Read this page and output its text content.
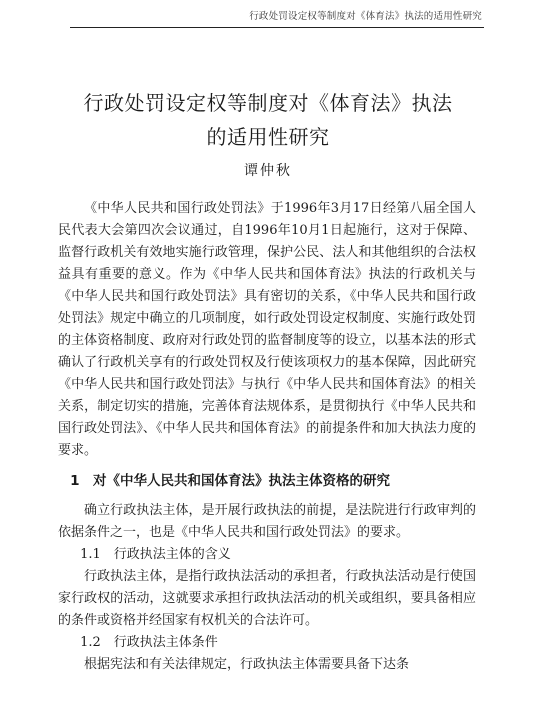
行政处罚设定权等制度对《体育法》执法的适用性研究
行政处罚设定权等制度对《体育法》执法
的适用性研究
谭仲秋

《中华人民共和国行政处罚法》于1996年3月17日经第八届全国人民代表大会第四次会议通过，自1996年10月1日起施行，这对于保障、监督行政机关有效地实施行政管理，保护公民、法人和其他组织的合法权益具有重要的意义。作为《中华人民共和国体育法》执法的行政机关与《中华人民共和国行政处罚法》具有密切的关系，《中华人民共和国行政处罚法》规定中确立的几项制度，如行政处罚设定权制度、实施行政处罚的主体资格制度、政府对行政处罚的监督制度等的设立，以基本法的形式确认了行政机关享有的行政处罚权及行使该项权力的基本保障，因此研究《中华人民共和国行政处罚法》与执行《中华人民共和国体育法》的相关关系，制定切实的措施，完善体育法规体系，是贯彻执行《中华人民共和国行政处罚法》、《中华人民共和国体育法》的前提条件和加大执法力度的要求。

1　对《中华人民共和国体育法》执法主体资格的研究

确立行政执法主体，是开展行政执法的前提，是法院进行行政审判的依据条件之一，也是《中华人民共和国行政处罚法》的要求。

1.1　行政执法主体的含义

行政执法主体，是指行政执法活动的承担者，行政执法活动是行使国家行政权的活动，这就要求承担行政执法活动的机关或组织，要具备相应的条件或资格并经国家有权机关的合法许可。

1.2　行政执法主体条件

根据宪法和有关法律规定，行政执法主体需要具备下达条
